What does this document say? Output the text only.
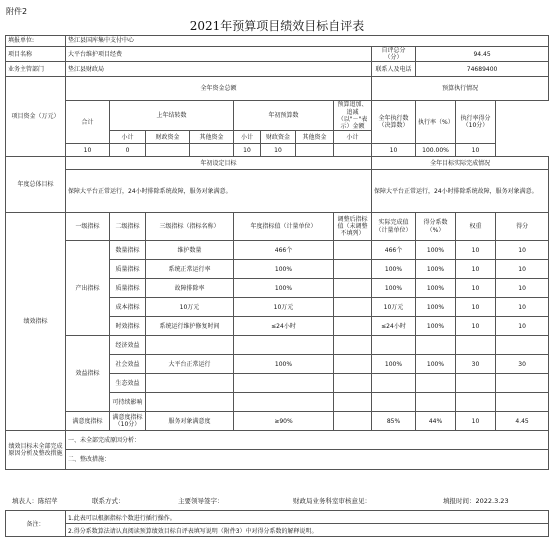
附件2
2021年预算项目绩效目标自评表
填报单位:	垫江县国库集中支付中心											
项目名称	大平台维护项目经费								自评总分（分）	94.45		
业务主管部门	垫江县财政局								联系人及电话	74689400		
项目资金（万元）	全年资金总额								预算执行情况			
	合计	上年结转数			年初预算数			预算追加、追减（以"－"表示）金额	全年执行数（决算数）	执行率（%）	执行率得分（10分）	
		小计	财政资金	其他资金	小计	财政资金	其他资金	小计				
	10	0			10	10			10	100.00%	10	
年度总体目标	年初设定目标								全年目标实际完成情况			
	保障大平台正常运行，24小时排除系统故障，服务对象满意。								保障大平台正常运行，24小时排除系统故障，服务对象满意。			
绩效指标	一级指标	二级指标	三级指标（指标名称）		年度指标值（计量单位）			调整后指标值（未调整不填列）	实际完成值（计量单位）	得分系数（%）	权重	得分
	产出指标	数量指标	维护数量		466个				466个	100%	10	10
		质量指标	系统正常运行率		100%				100%	100%	10	10
		质量指标	故障排除率		100%				100%	100%	10	10
		成本指标	10万元		10万元				10万元	100%	10	10
		时效指标	系统运行维护修复时间		≤24小时				≤24小时	100%	10	10
	效益指标	经济效益										
		社会效益	大平台正常运行		100%				100%	100%	30	30
		生态效益										
		可持续影响										
	满意度指标	满意度指标（10分）	服务对象满意度		≥90%				85%	44%	10	4.45
绩效目标未全部完成原因分析及整改措施	一、未全部完成原因分析：											
	二、整改措施：											
填表人：陈绍苹	联系方式：	主要领导签字：	财政局业务科室审核意见：	填报时间：2022.3.23
备注：	1.此表可以根据指标个数进行插行操作。
2.得分系数算法请认真阅读预算绩效目标自评表填写说明（附件3）中对得分系数的解释说明。
